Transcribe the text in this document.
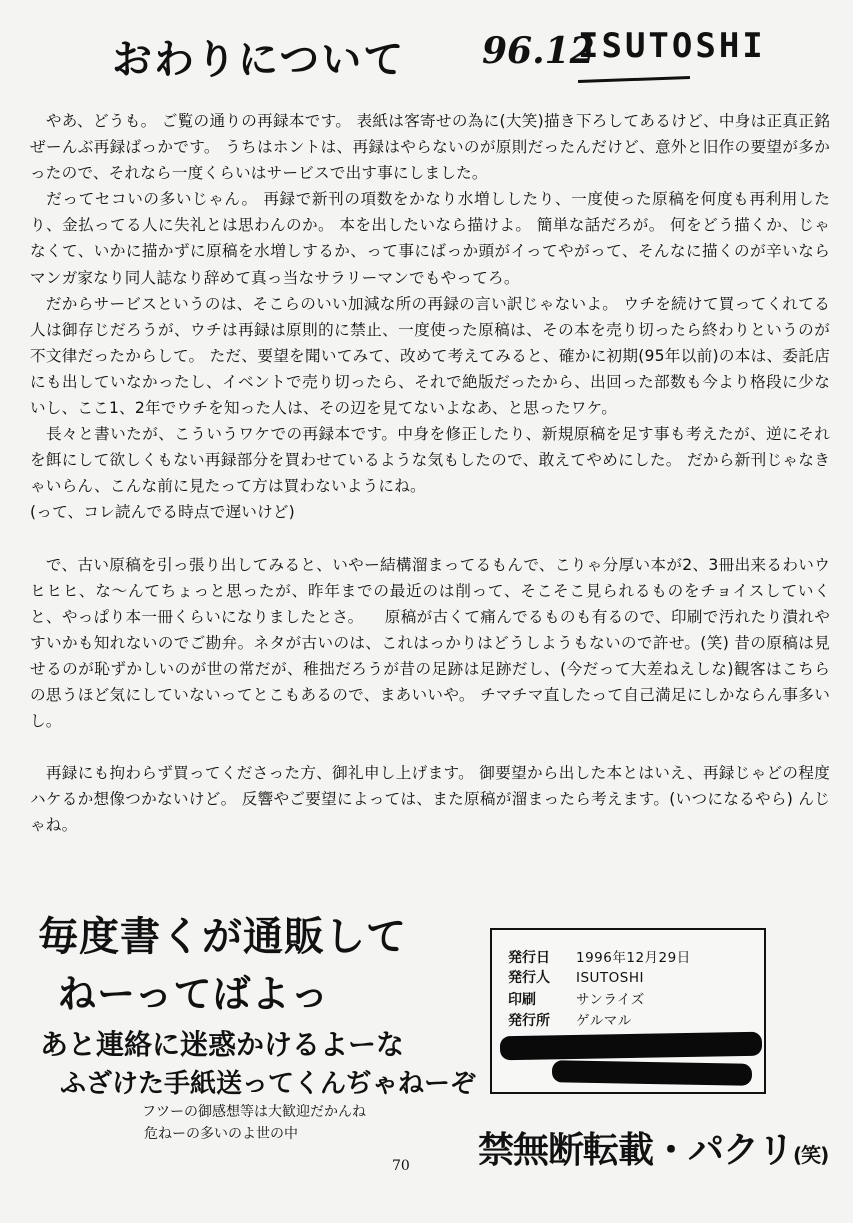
おわりについて 96.12
ISUTOSHI

　やあ、どうも。 ご覧の通りの再録本です。 表紙は客寄せの為に(大笑)描き下ろしてあるけど、中身は正真正銘ぜーんぶ再録ばっかです。 うちはホントは、再録はやらないのが原則だったんだけど、意外と旧作の要望が多かったので、それなら一度くらいはサービスで出す事にしました。

　だってセコいの多いじゃん。 再録で新刊の項数をかなり水増ししたり、一度使った原稿を何度も再利用したり、金払ってる人に失礼とは思わんのか。 本を出したいなら描けよ。 簡単な話だろが。 何をどう描くか、じゃなくて、いかに描かずに原稿を水増しするか、って事にばっか頭がイってやがって、そんなに描くのが辛いならマンガ家なり同人誌なり辞めて真っ当なサラリーマンでもやってろ。

　だからサービスというのは、そこらのいい加減な所の再録の言い訳じゃないよ。 ウチを続けて買ってくれてる人は御存じだろうが、ウチは再録は原則的に禁止、一度使った原稿は、その本を売り切ったら終わりというのが不文律だったからして。 ただ、要望を聞いてみて、改めて考えてみると、確かに初期(95年以前)の本は、委託店にも出していなかったし、イベントで売り切ったら、それで絶版だったから、出回った部数も今より格段に少ないし、ここ1、2年でウチを知った人は、その辺を見てないよなあ、と思ったワケ。

　長々と書いたが、こういうワケでの再録本です。中身を修正したり、新規原稿を足す事も考えたが、逆にそれを餌にして欲しくもない再録部分を買わせているような気もしたので、敢えてやめにした。 だから新刊じゃなきゃいらん、こんな前に見たって方は買わないようにね。

(って、コレ読んでる時点で遅いけど)

　で、古い原稿を引っ張り出してみると、いやー結構溜まってるもんで、こりゃ分厚い本が2、3冊出来るわいウヒヒヒ、な〜んてちょっと思ったが、昨年までの最近のは削って、そこそこ見られるものをチョイスしていくと、やっぱり本一冊くらいになりましたとさ。 　原稿が古くて痛んでるものも有るので、印刷で汚れたり潰れやすいかも知れないのでご勘弁。ネタが古いのは、これはっかりはどうしようもないので許せ。(笑) 昔の原稿は見せるのが恥ずかしいのが世の常だが、稚拙だろうが昔の足跡は足跡だし、(今だって大差ねえしな)観客はこちらの思うほど気にしていないってとこもあるので、まあいいや。 チマチマ直したって自己満足にしかならん事多いし。

　再録にも拘わらず買ってくださった方、御礼申し上げます。 御要望から出した本とはいえ、再録じゃどの程度ハケるか想像つかないけど。 反響やご要望によっては、また原稿が溜まったら考えます。(いつになるやら) んじゃね。

毎度書くが通販して
ねーってばよっ
あと連絡に迷惑かけるよーな
ふざけた手紙送ってくんぢゃねーぞ
フツーの御感想等は大歓迎だかんね
危ねーの多いのよ世の中
発行日 1996年12月29日
発行人 ISUTOSHI
印刷	サンライズ
発行所 ゲルマル
70 禁無断転載・パクリ(笑)
